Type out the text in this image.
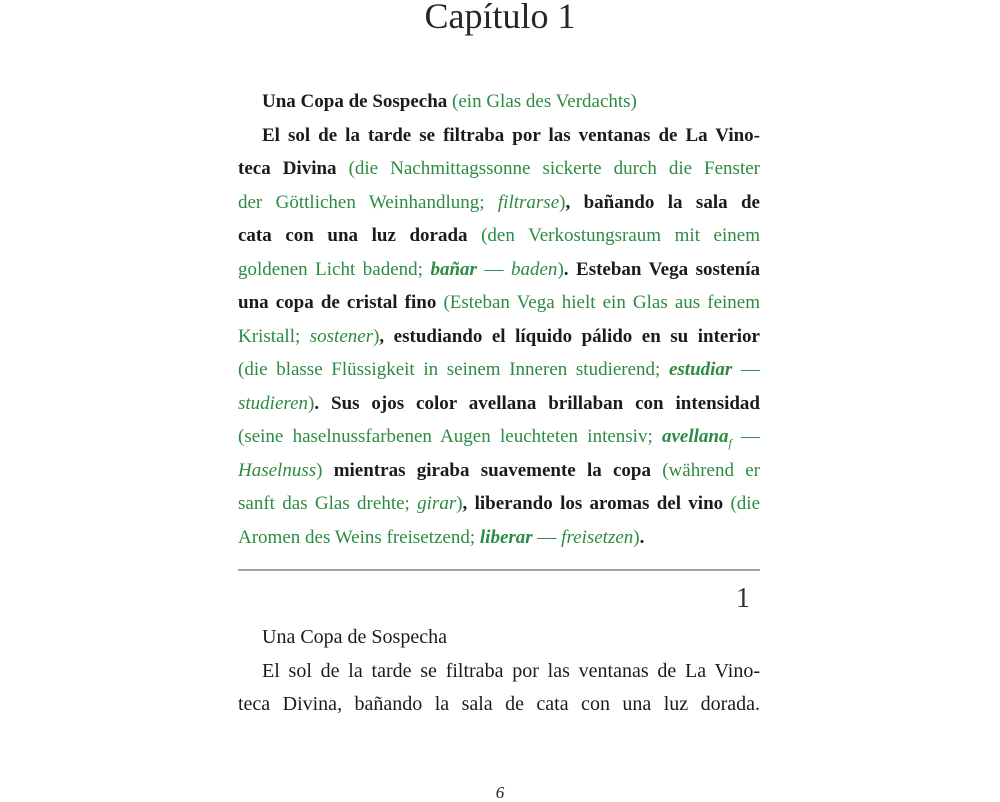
Capítulo 1
Una Copa de Sospecha (ein Glas des Verdachts)
El sol de la tarde se filtraba por las ventanas de La Vino-
teca Divina (die Nachmittagssonne sickerte durch die Fenster
der Göttlichen Weinhandlung; filtrarse), bañando la sala de
cata con una luz dorada (den Verkostungsraum mit einem
goldenen Licht badend; bañar — baden). Esteban Vega sostenía
una copa de cristal fino (Esteban Vega hielt ein Glas aus feinem
Kristall; sostener), estudiando el líquido pálido en su interior
(die blasse Flüssigkeit in seinem Inneren studierend; estudiar —
studieren). Sus ojos color avellana brillaban con intensidad
(seine haselnussfarbenen Augen leuchteten intensiv; avellana$_f$ —
Haselnuss) mientras giraba suavemente la copa (während er
sanft das Glas drehte; girar), liberando los aromas del vino (die
Aromen des Weins freisetzend; liberar — freisetzen).
1
Una Copa de Sospecha
El sol de la tarde se filtraba por las ventanas de La Vino-
teca Divina, bañando la sala de cata con una luz dorada.
6
